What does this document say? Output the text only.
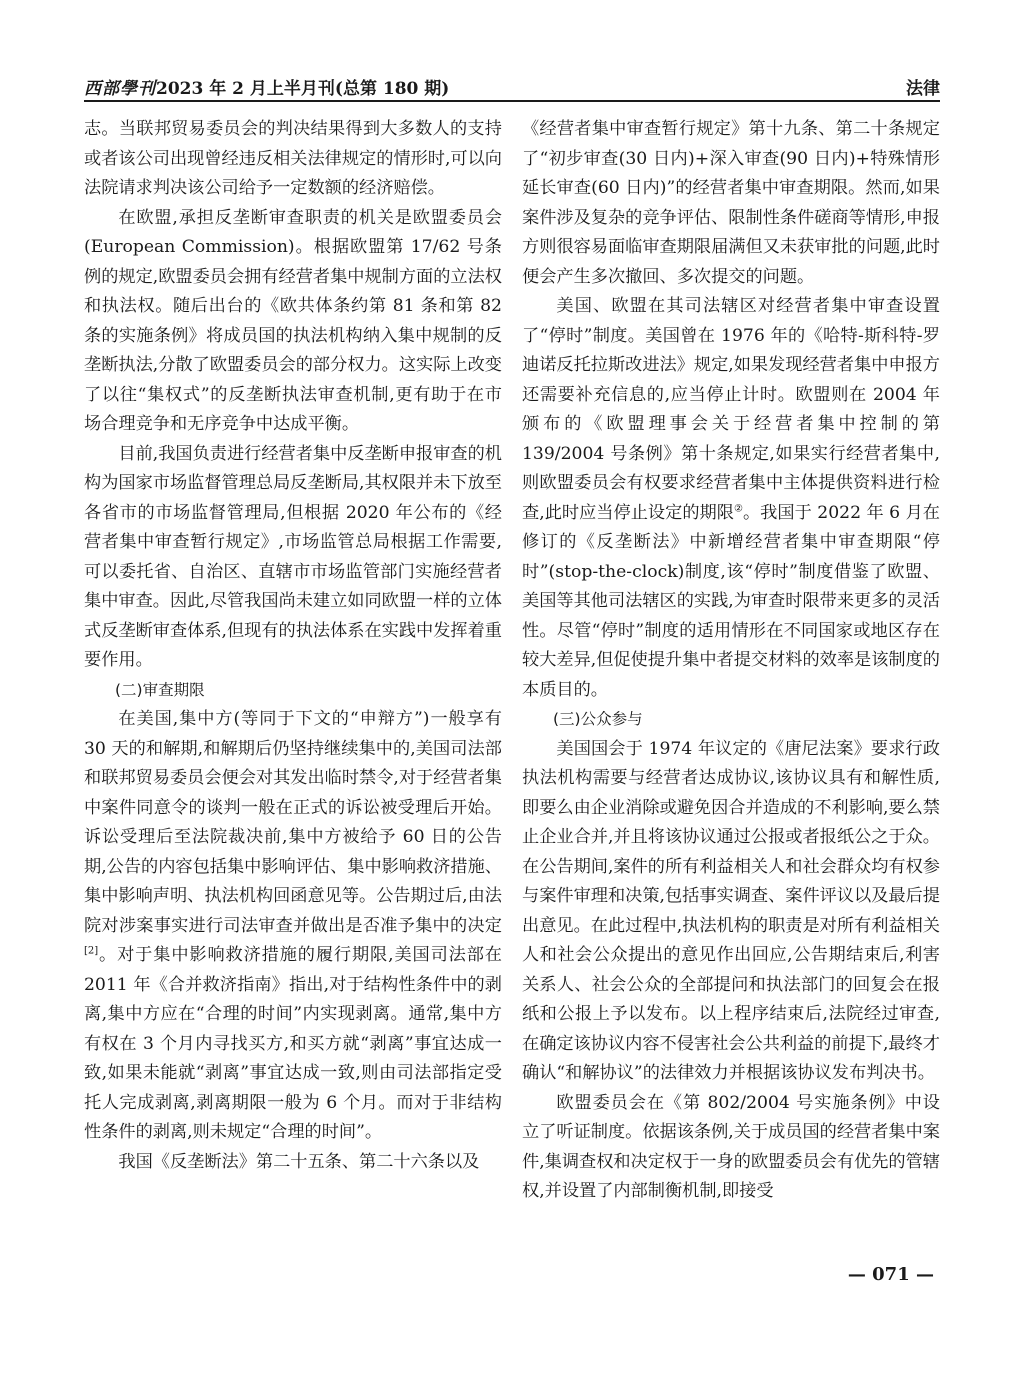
西部學刊2023 年 2 月上半月刊(总第 180 期)	法律

志。当联邦贸易委员会的判决结果得到大多数人的支持或者该公司出现曾经违反相关法律规定的情形时,可以向法院请求判决该公司给予一定数额的经济赔偿。

在欧盟,承担反垄断审查职责的机关是欧盟委员会(European Commission)。根据欧盟第 17/62 号条例的规定,欧盟委员会拥有经营者集中规制方面的立法权和执法权。随后出台的《欧共体条约第 81 条和第 82 条的实施条例》将成员国的执法机构纳入集中规制的反垄断执法,分散了欧盟委员会的部分权力。这实际上改变了以往“集权式”的反垄断执法审查机制,更有助于在市场合理竞争和无序竞争中达成平衡。

目前,我国负责进行经营者集中反垄断申报审查的机构为国家市场监督管理总局反垄断局,其权限并未下放至各省市的市场监督管理局,但根据 2020 年公布的《经营者集中审查暂行规定》,市场监管总局根据工作需要,可以委托省、自治区、直辖市市场监管部门实施经营者集中审查。因此,尽管我国尚未建立如同欧盟一样的立体式反垄断审查体系,但现有的执法体系在实践中发挥着重要作用。

(二)审查期限

在美国,集中方(等同于下文的“申辩方”)一般享有 30 天的和解期,和解期后仍坚持继续集中的,美国司法部和联邦贸易委员会便会对其发出临时禁令,对于经营者集中案件同意令的谈判一般在正式的诉讼被受理后开始。诉讼受理后至法院裁决前,集中方被给予 60 日的公告期,公告的内容包括集中影响评估、集中影响救济措施、集中影响声明、执法机构回函意见等。公告期过后,由法院对涉案事实进行司法审查并做出是否准予集中的决定[2]。对于集中影响救济措施的履行期限,美国司法部在 2011 年《合并救济指南》指出,对于结构性条件中的剥离,集中方应在“合理的时间”内实现剥离。通常,集中方有权在 3 个月内寻找买方,和买方就“剥离”事宜达成一致,如果未能就“剥离”事宜达成一致,则由司法部指定受托人完成剥离,剥离期限一般为 6 个月。而对于非结构性条件的剥离,则未规定“合理的时间”。

我国《反垄断法》第二十五条、第二十六条以及

《经营者集中审查暂行规定》第十九条、第二十条规定了“初步审查(30 日内)+深入审查(90 日内)+特殊情形延长审查(60 日内)”的经营者集中审查期限。然而,如果案件涉及复杂的竞争评估、限制性条件磋商等情形,申报方则很容易面临审查期限届满但又未获审批的问题,此时便会产生多次撤回、多次提交的问题。

美国、欧盟在其司法辖区对经营者集中审查设置了“停时”制度。美国曾在 1976 年的《哈特-斯科特-罗迪诺反托拉斯改进法》规定,如果发现经营者集中申报方还需要补充信息的,应当停止计时。欧盟则在 2004 年颁布的《欧盟理事会关于经营者集中控制的第 139/2004 号条例》第十条规定,如果实行经营者集中,则欧盟委员会有权要求经营者集中主体提供资料进行检查,此时应当停止设定的期限②。我国于 2022 年 6 月在修订的《反垄断法》中新增经营者集中审查期限“停时”(stop-the-clock)制度,该“停时”制度借鉴了欧盟、美国等其他司法辖区的实践,为审查时限带来更多的灵活性。尽管“停时”制度的适用情形在不同国家或地区存在较大差异,但促使提升集中者提交材料的效率是该制度的本质目的。

(三)公众参与

美国国会于 1974 年议定的《唐尼法案》要求行政执法机构需要与经营者达成协议,该协议具有和解性质,即要么由企业消除或避免因合并造成的不利影响,要么禁止企业合并,并且将该协议通过公报或者报纸公之于众。在公告期间,案件的所有利益相关人和社会群众均有权参与案件审理和决策,包括事实调查、案件评议以及最后提出意见。在此过程中,执法机构的职责是对所有利益相关人和社会公众提出的意见作出回应,公告期结束后,利害关系人、社会公众的全部提问和执法部门的回复会在报纸和公报上予以发布。以上程序结束后,法院经过审查,在确定该协议内容不侵害社会公共利益的前提下,最终才确认“和解协议”的法律效力并根据该协议发布判决书。

欧盟委员会在《第 802/2004 号实施条例》中设立了听证制度。依据该条例,关于成员国的经营者集中案件,集调查权和决定权于一身的欧盟委员会有优先的管辖权,并设置了内部制衡机制,即接受

— 071 —
